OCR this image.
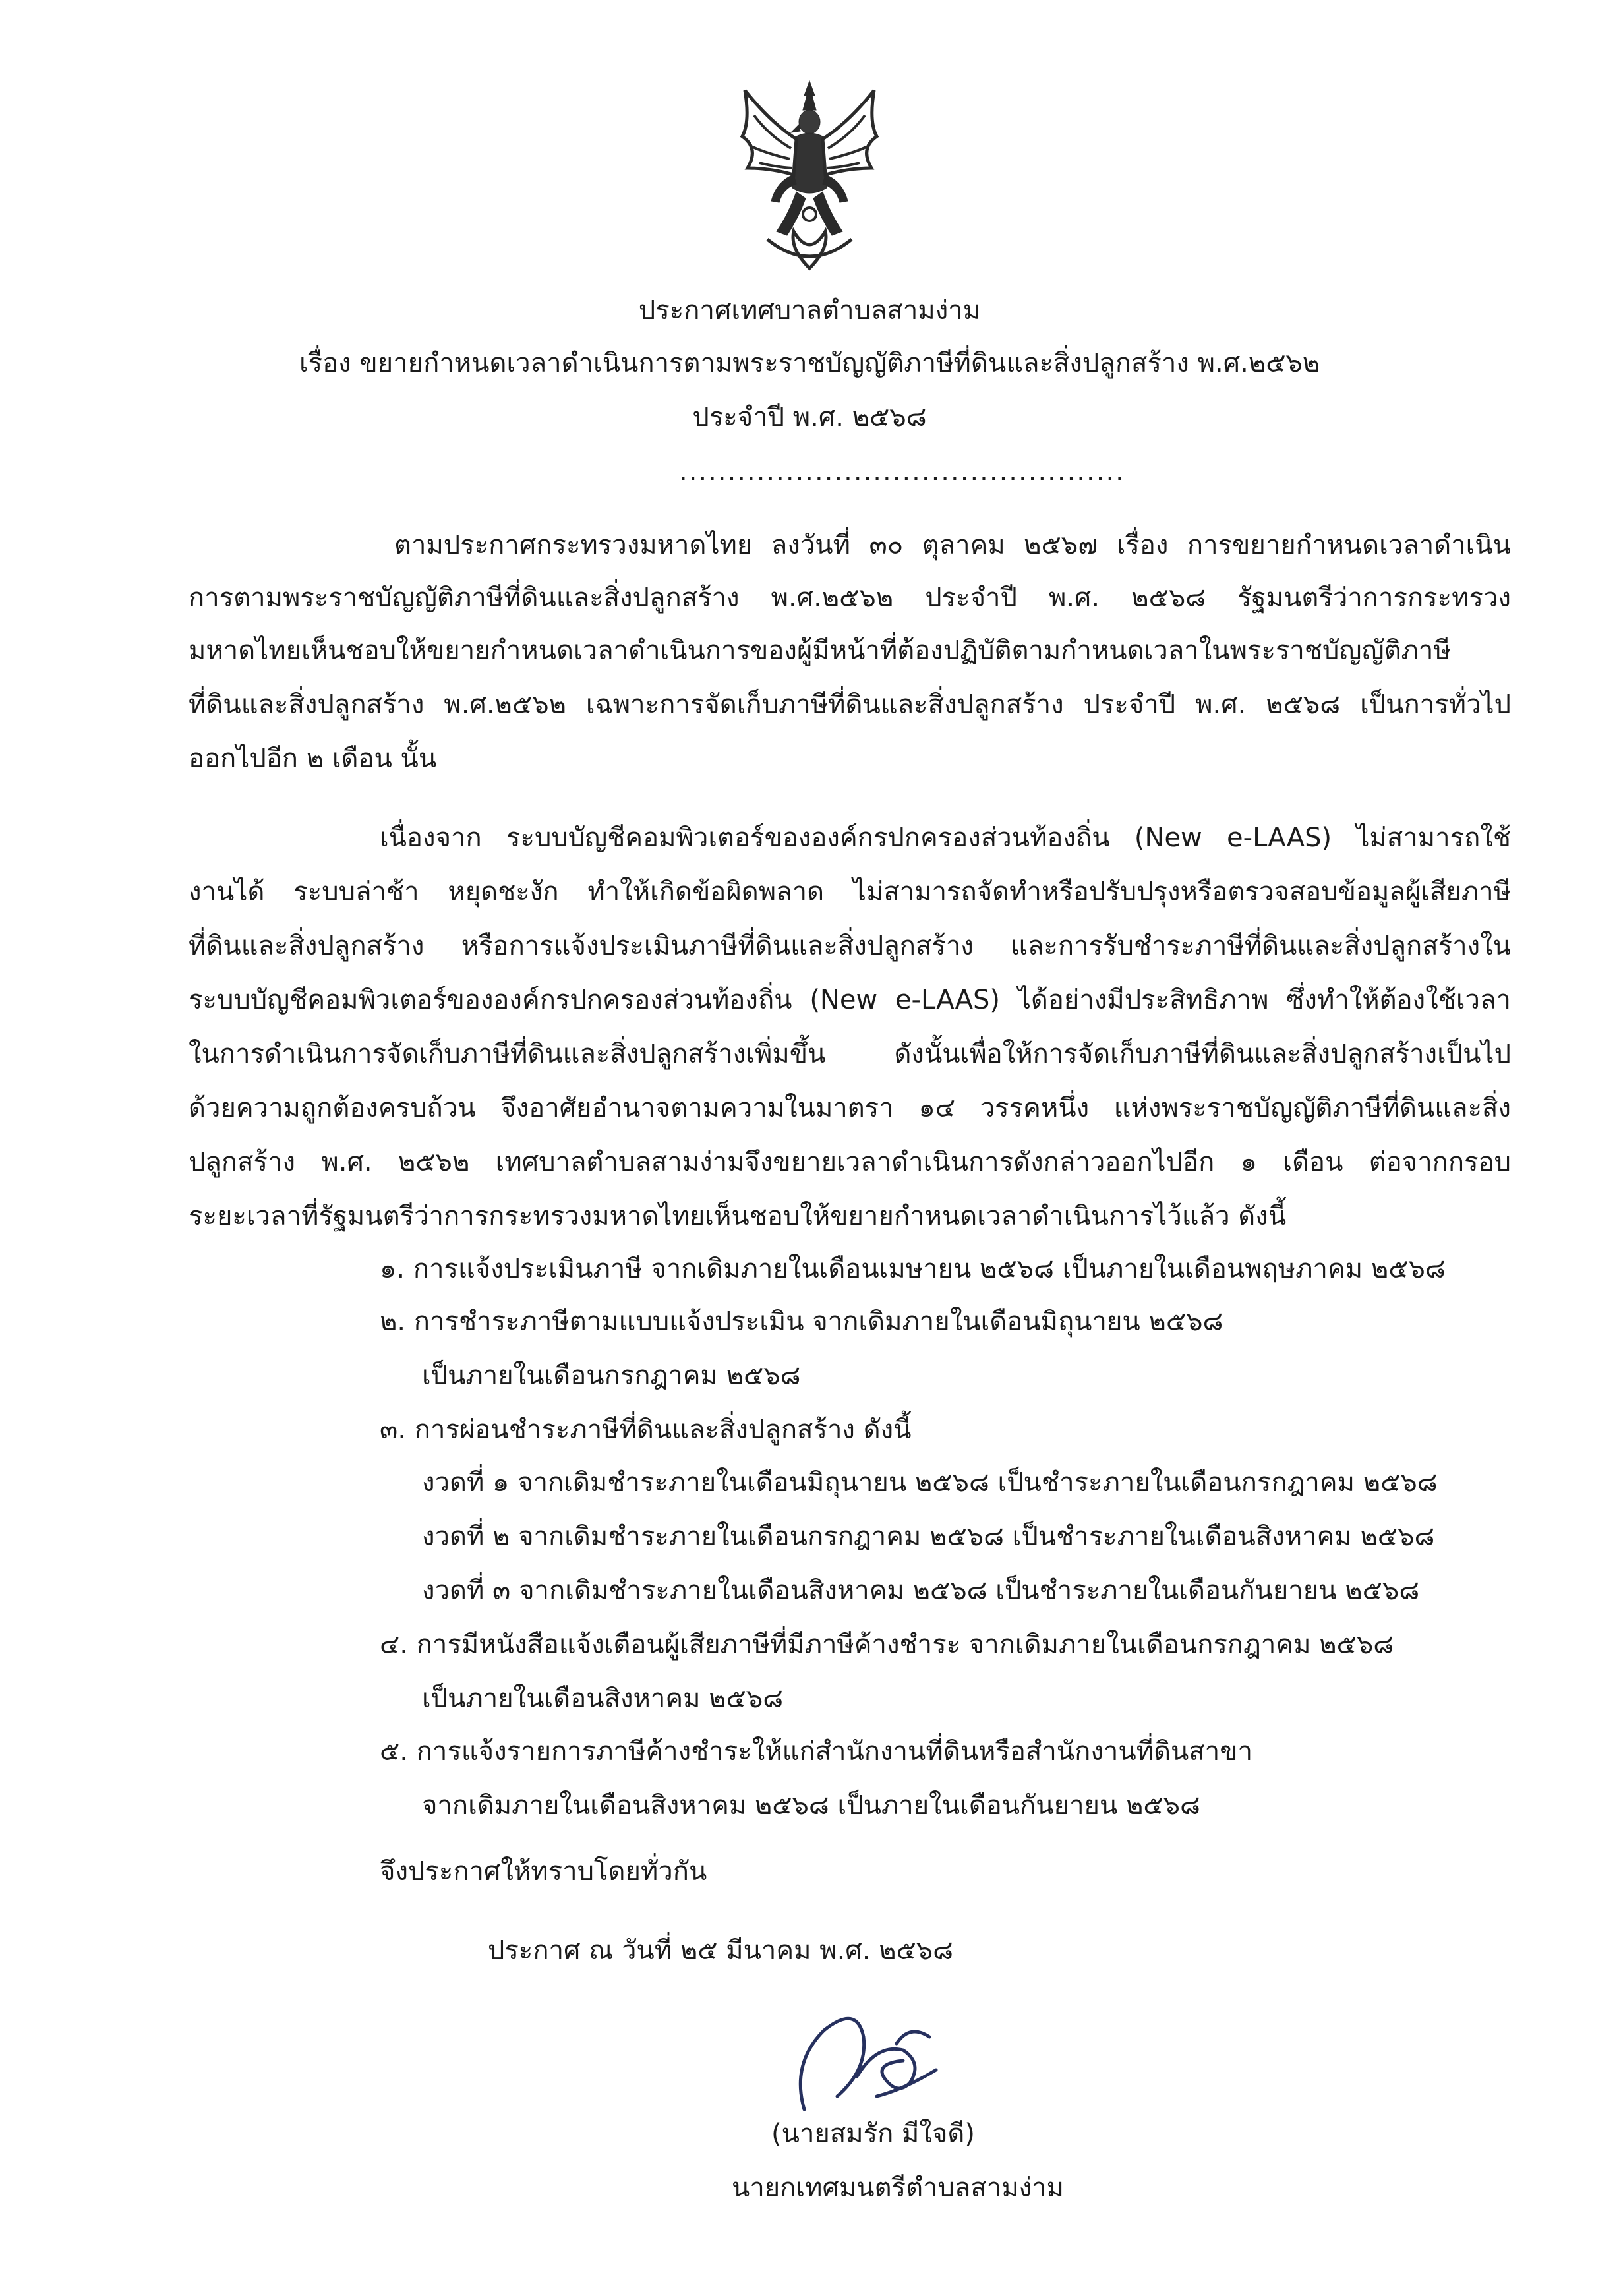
ประกาศเทศบาลตำบลสามง่าม
เรื่อง ขยายกำหนดเวลาดำเนินการตามพระราชบัญญัติภาษีที่ดินและสิ่งปลูกสร้าง พ.ศ.๒๕๖๒
ประจำปี พ.ศ. ๒๕๖๘
..............................................
ตามประกาศกระทรวงมหาดไทย ลงวันที่ ๓๐ ตุลาคม ๒๕๖๗ เรื่อง การขยายกำหนดเวลาดำเนิน
การตามพระราชบัญญัติภาษีที่ดินและสิ่งปลูกสร้าง พ.ศ.๒๕๖๒ ประจำปี พ.ศ. ๒๕๖๘ รัฐมนตรีว่าการกระทรวง
มหาดไทยเห็นชอบให้ขยายกำหนดเวลาดำเนินการของผู้มีหน้าที่ต้องปฏิบัติตามกำหนดเวลาในพระราชบัญญัติภาษี
ที่ดินและสิ่งปลูกสร้าง พ.ศ.๒๕๖๒ เฉพาะการจัดเก็บภาษีที่ดินและสิ่งปลูกสร้าง ประจำปี พ.ศ. ๒๕๖๘ เป็นการทั่วไป
ออกไปอีก ๒ เดือน นั้น
เนื่องจาก ระบบบัญชีคอมพิวเตอร์ขององค์กรปกครองส่วนท้องถิ่น (New e-LAAS) ไม่สามารถใช้
งานได้ ระบบล่าช้า หยุดชะงัก ทำให้เกิดข้อผิดพลาด ไม่สามารถจัดทำหรือปรับปรุงหรือตรวจสอบข้อมูลผู้เสียภาษี
ที่ดินและสิ่งปลูกสร้าง หรือการแจ้งประเมินภาษีที่ดินและสิ่งปลูกสร้าง และการรับชำระภาษีที่ดินและสิ่งปลูกสร้างใน
ระบบบัญชีคอมพิวเตอร์ขององค์กรปกครองส่วนท้องถิ่น (New e-LAAS) ได้อย่างมีประสิทธิภาพ ซึ่งทำให้ต้องใช้เวลา
ในการดำเนินการจัดเก็บภาษีที่ดินและสิ่งปลูกสร้างเพิ่มขึ้น ดังนั้นเพื่อให้การจัดเก็บภาษีที่ดินและสิ่งปลูกสร้างเป็นไป
ด้วยความถูกต้องครบถ้วน จึงอาศัยอำนาจตามความในมาตรา ๑๔ วรรคหนึ่ง แห่งพระราชบัญญัติภาษีที่ดินและสิ่ง
ปลูกสร้าง พ.ศ. ๒๕๖๒ เทศบาลตำบลสามง่ามจึงขยายเวลาดำเนินการดังกล่าวออกไปอีก ๑ เดือน ต่อจากกรอบ
ระยะเวลาที่รัฐมนตรีว่าการกระทรวงมหาดไทยเห็นชอบให้ขยายกำหนดเวลาดำเนินการไว้แล้ว ดังนี้
๑. การแจ้งประเมินภาษี จากเดิมภายในเดือนเมษายน ๒๕๖๘ เป็นภายในเดือนพฤษภาคม ๒๕๖๘
๒. การชำระภาษีตามแบบแจ้งประเมิน จากเดิมภายในเดือนมิถุนายน ๒๕๖๘
เป็นภายในเดือนกรกฎาคม ๒๕๖๘
๓. การผ่อนชำระภาษีที่ดินและสิ่งปลูกสร้าง ดังนี้
งวดที่ ๑ จากเดิมชำระภายในเดือนมิถุนายน ๒๕๖๘ เป็นชำระภายในเดือนกรกฎาคม ๒๕๖๘
งวดที่ ๒ จากเดิมชำระภายในเดือนกรกฎาคม ๒๕๖๘ เป็นชำระภายในเดือนสิงหาคม ๒๕๖๘
งวดที่ ๓ จากเดิมชำระภายในเดือนสิงหาคม ๒๕๖๘ เป็นชำระภายในเดือนกันยายน ๒๕๖๘
๔. การมีหนังสือแจ้งเตือนผู้เสียภาษีที่มีภาษีค้างชำระ จากเดิมภายในเดือนกรกฎาคม ๒๕๖๘
เป็นภายในเดือนสิงหาคม ๒๕๖๘
๕. การแจ้งรายการภาษีค้างชำระให้แก่สำนักงานที่ดินหรือสำนักงานที่ดินสาขา
จากเดิมภายในเดือนสิงหาคม ๒๕๖๘ เป็นภายในเดือนกันยายน ๒๕๖๘
จึงประกาศให้ทราบโดยทั่วกัน
ประกาศ ณ วันที่ ๒๕ มีนาคม พ.ศ. ๒๕๖๘
(นายสมรัก มีใจดี)
นายกเทศมนตรีตำบลสามง่าม
